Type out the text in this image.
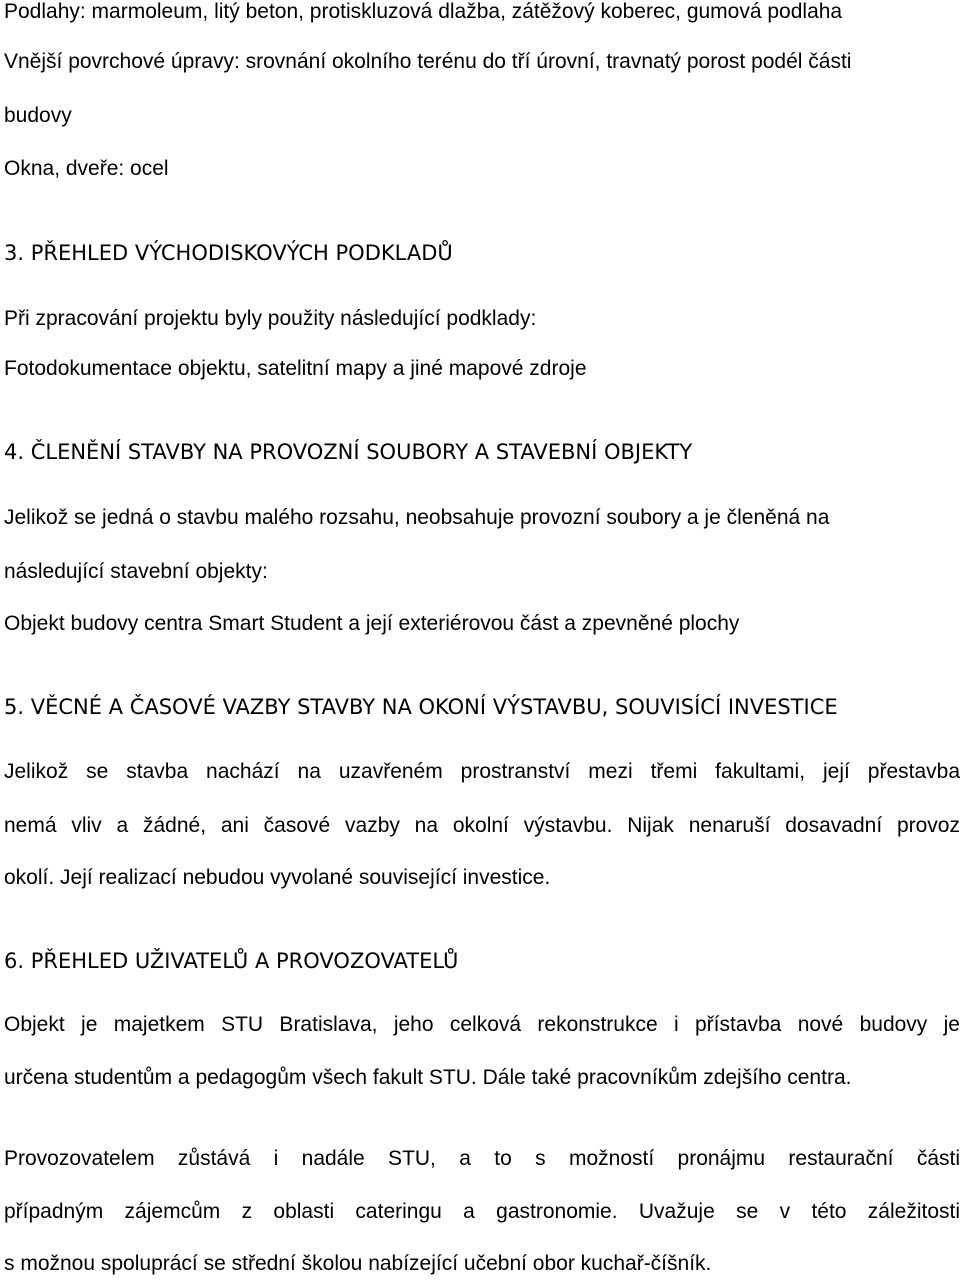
Podlahy: marmoleum, litý beton, protiskluzová dlažba, zátěžový koberec, gumová podlaha
Vnější povrchové úpravy: srovnání okolního terénu do tří úrovní, travnatý porost podél části
budovy
Okna, dveře: ocel
3. PŘEHLED VÝCHODISKOVÝCH PODKLADŮ
Při zpracování projektu byly použity následující podklady:
Fotodokumentace objektu, satelitní mapy a jiné mapové zdroje
4. ČLENĚNÍ STAVBY NA PROVOZNÍ SOUBORY A STAVEBNÍ OBJEKTY
Jelikož se jedná o stavbu malého rozsahu, neobsahuje provozní soubory a je členěná na
následující stavební objekty:
Objekt budovy centra Smart Student a její exteriérovou část a zpevněné plochy
5. VĚCNÉ A ČASOVÉ VAZBY STAVBY NA OKONÍ VÝSTAVBU, SOUVISÍCÍ INVESTICE
Jelikož se stavba nachází na uzavřeném prostranství mezi třemi fakultami, její přestavba
nemá vliv a žádné, ani časové vazby na okolní výstavbu. Nijak nenaruší dosavadní provoz
okolí. Její realizací nebudou vyvolané související investice.
6. PŘEHLED UŽIVATELŮ A PROVOZOVATELŮ
Objekt je majetkem STU Bratislava, jeho celková rekonstrukce i přístavba nové budovy je
určena studentům a pedagogům všech fakult STU. Dále také pracovníkům zdejšího centra.
Provozovatelem zůstává i nadále STU, a to s možností pronájmu restaurační části
případným zájemcům z oblasti cateringu a gastronomie. Uvažuje se v této záležitosti
s možnou spoluprácí se střední školou nabízející učební obor kuchař-číšník.
